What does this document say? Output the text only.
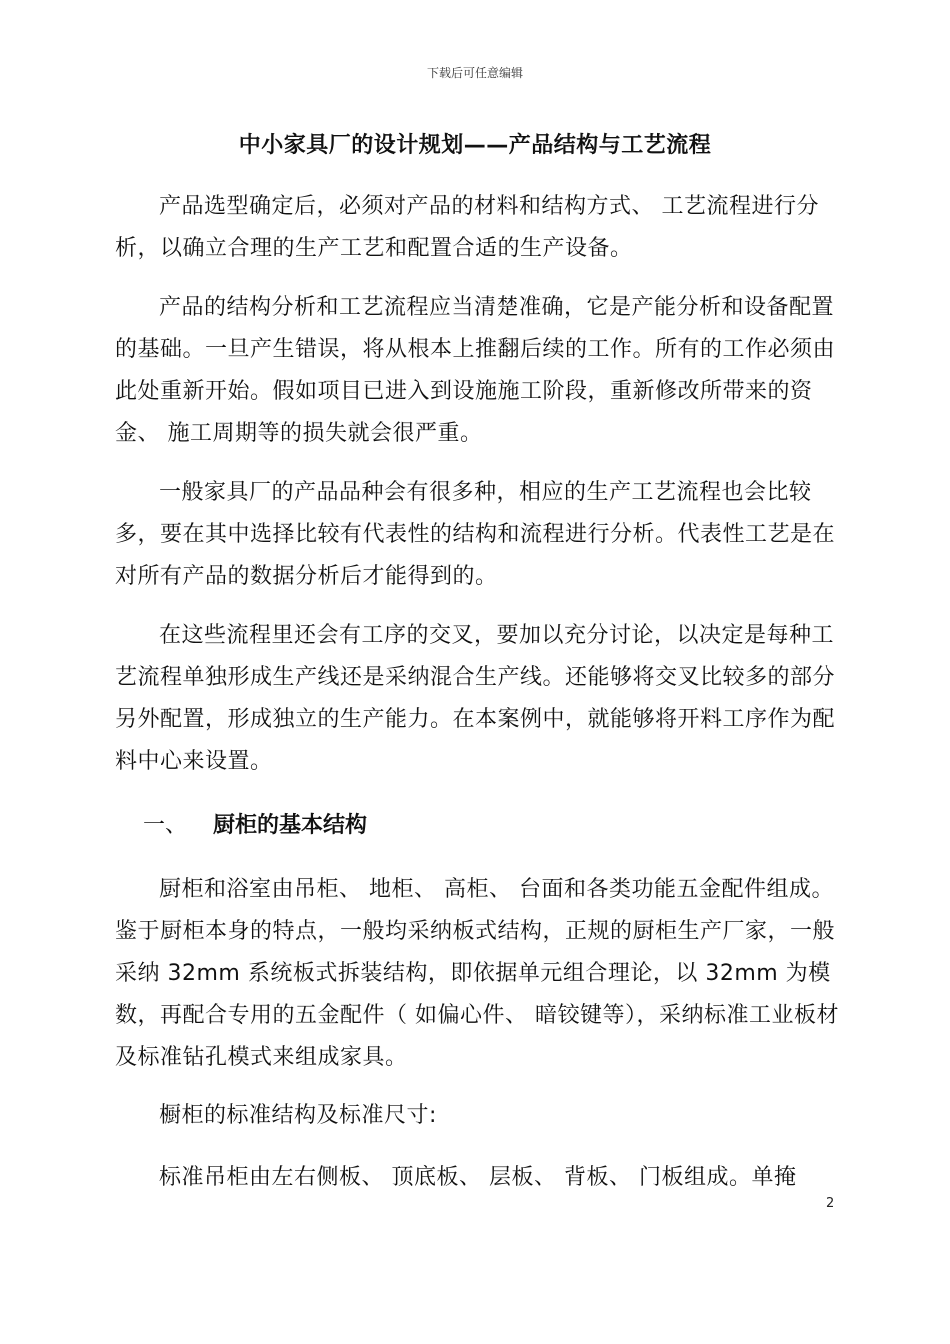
下载后可任意编辑
中小家具厂的设计规划——产品结构与工艺流程

产品选型确定后，必须对产品的材料和结构方式、 工艺流程进行分析，以确立合理的生产工艺和配置合适的生产设备。

产品的结构分析和工艺流程应当清楚准确，它是产能分析和设备配置的基础。一旦产生错误，将从根本上推翻后续的工作。所有的工作必须由此处重新开始。假如项目已进入到设施施工阶段，重新修改所带来的资金、 施工周期等的损失就会很严重。

一般家具厂的产品品种会有很多种，相应的生产工艺流程也会比较多，要在其中选择比较有代表性的结构和流程进行分析。代表性工艺是在对所有产品的数据分析后才能得到的。

在这些流程里还会有工序的交叉，要加以充分讨论，以决定是每种工艺流程单独形成生产线还是采纳混合生产线。还能够将交叉比较多的部分另外配置，形成独立的生产能力。在本案例中，就能够将开料工序作为配料中心来设置。

一、 厨柜的基本结构

厨柜和浴室由吊柜、 地柜、 高柜、 台面和各类功能五金配件组成。鉴于厨柜本身的特点，一般均采纳板式结构，正规的厨柜生产厂家，一般采纳 32mm 系统板式拆装结构，即依据单元组合理论，以 32mm 为模数，再配合专用的五金配件（ 如偏心件、 暗铰键等），采纳标准工业板材及标准钻孔模式来组成家具。

橱柜的标准结构及标准尺寸:

标准吊柜由左右侧板、 顶底板、 层板、 背板、 门板组成。单掩

2
